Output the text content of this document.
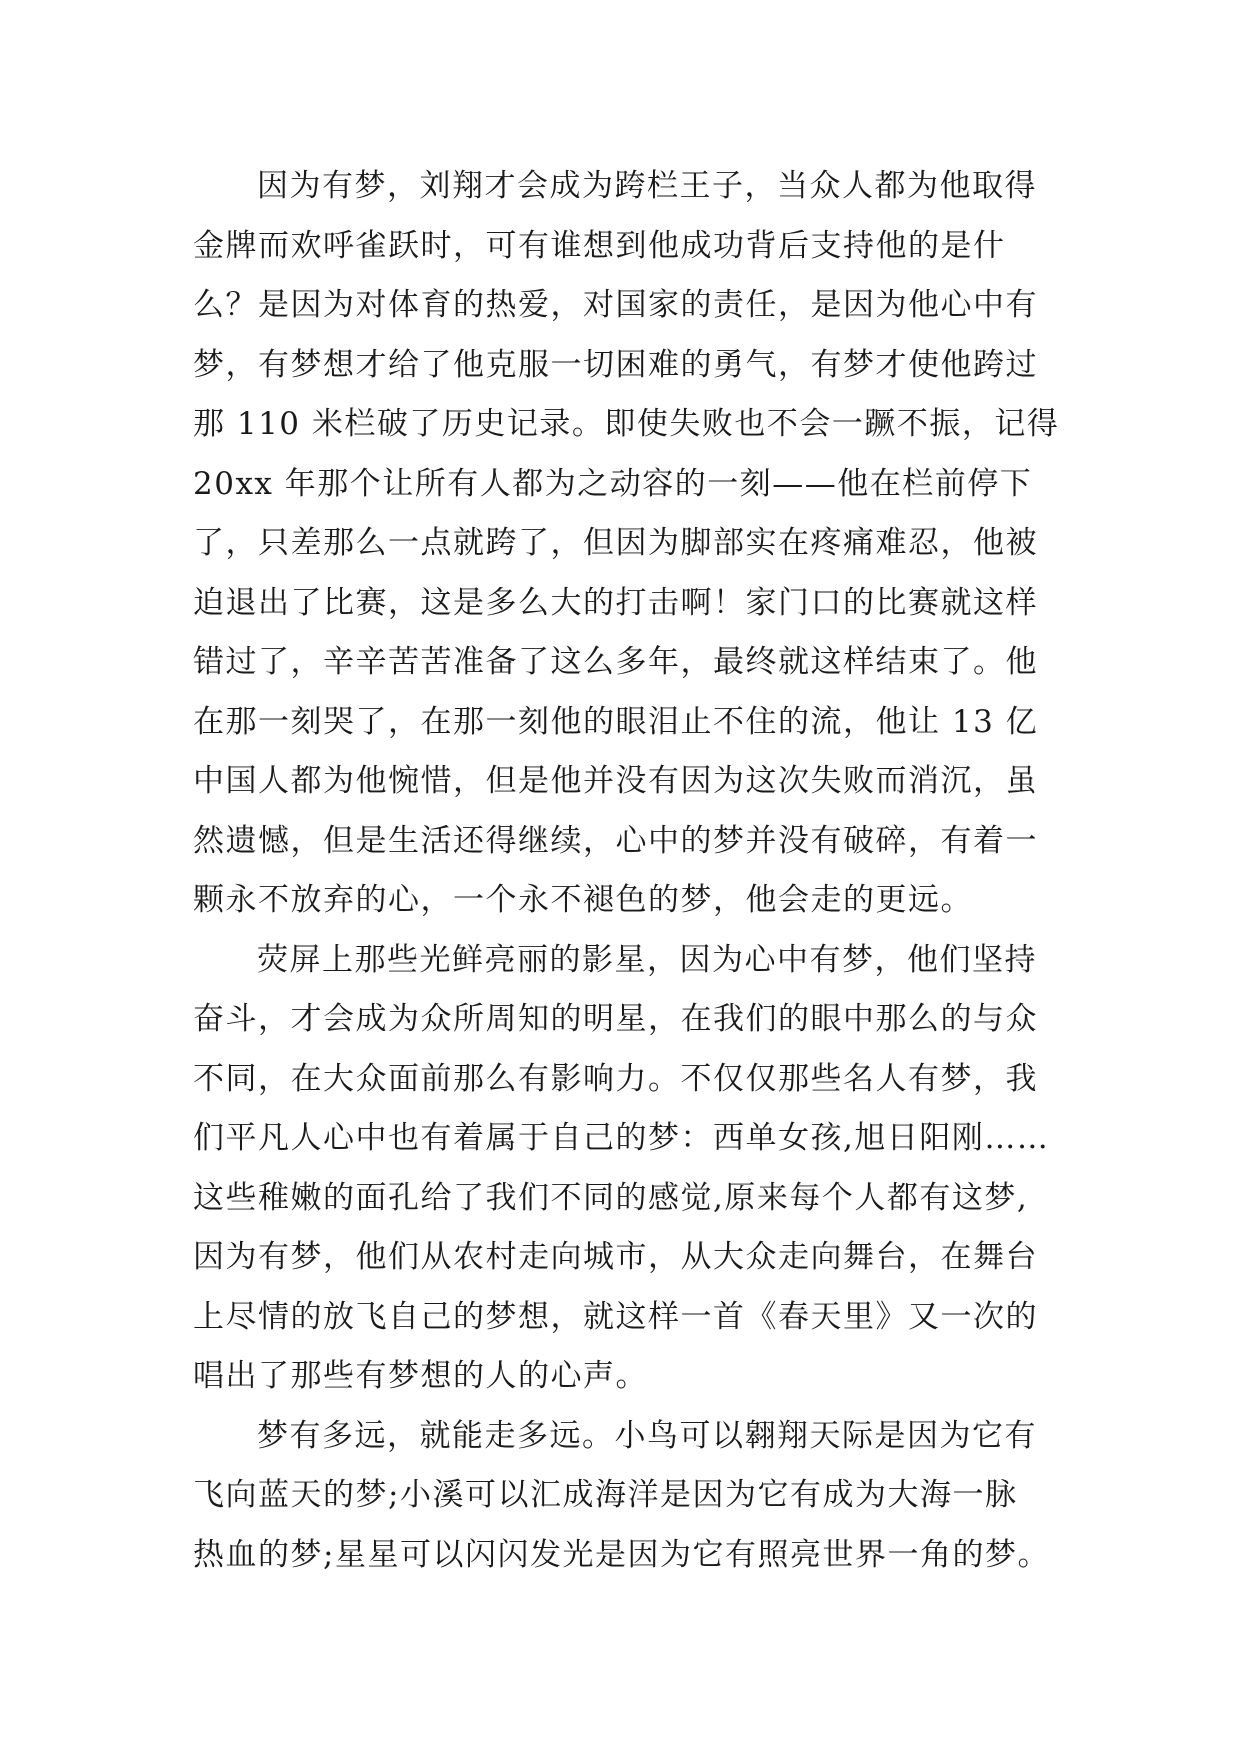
因为有梦，刘翔才会成为跨栏王子，当众人都为他取得
金牌而欢呼雀跃时，可有谁想到他成功背后支持他的是什
么？是因为对体育的热爱，对国家的责任，是因为他心中有
梦，有梦想才给了他克服一切困难的勇气，有梦才使他跨过
那 110 米栏破了历史记录。即使失败也不会一蹶不振，记得
20xx 年那个让所有人都为之动容的一刻——他在栏前停下
了，只差那么一点就跨了，但因为脚部实在疼痛难忍，他被
迫退出了比赛，这是多么大的打击啊！家门口的比赛就这样
错过了，辛辛苦苦准备了这么多年，最终就这样结束了。他
在那一刻哭了，在那一刻他的眼泪止不住的流，他让 13 亿
中国人都为他惋惜，但是他并没有因为这次失败而消沉，虽
然遗憾，但是生活还得继续，心中的梦并没有破碎，有着一
颗永不放弃的心，一个永不褪色的梦，他会走的更远。
荧屏上那些光鲜亮丽的影星，因为心中有梦，他们坚持
奋斗，才会成为众所周知的明星，在我们的眼中那么的与众
不同，在大众面前那么有影响力。不仅仅那些名人有梦，我
们平凡人心中也有着属于自己的梦：西单女孩,旭日阳刚……
这些稚嫩的面孔给了我们不同的感觉,原来每个人都有这梦,
因为有梦，他们从农村走向城市，从大众走向舞台，在舞台
上尽情的放飞自己的梦想，就这样一首《春天里》又一次的
唱出了那些有梦想的人的心声。
梦有多远，就能走多远。小鸟可以翱翔天际是因为它有
飞向蓝天的梦;小溪可以汇成海洋是因为它有成为大海一脉
热血的梦;星星可以闪闪发光是因为它有照亮世界一角的梦。
